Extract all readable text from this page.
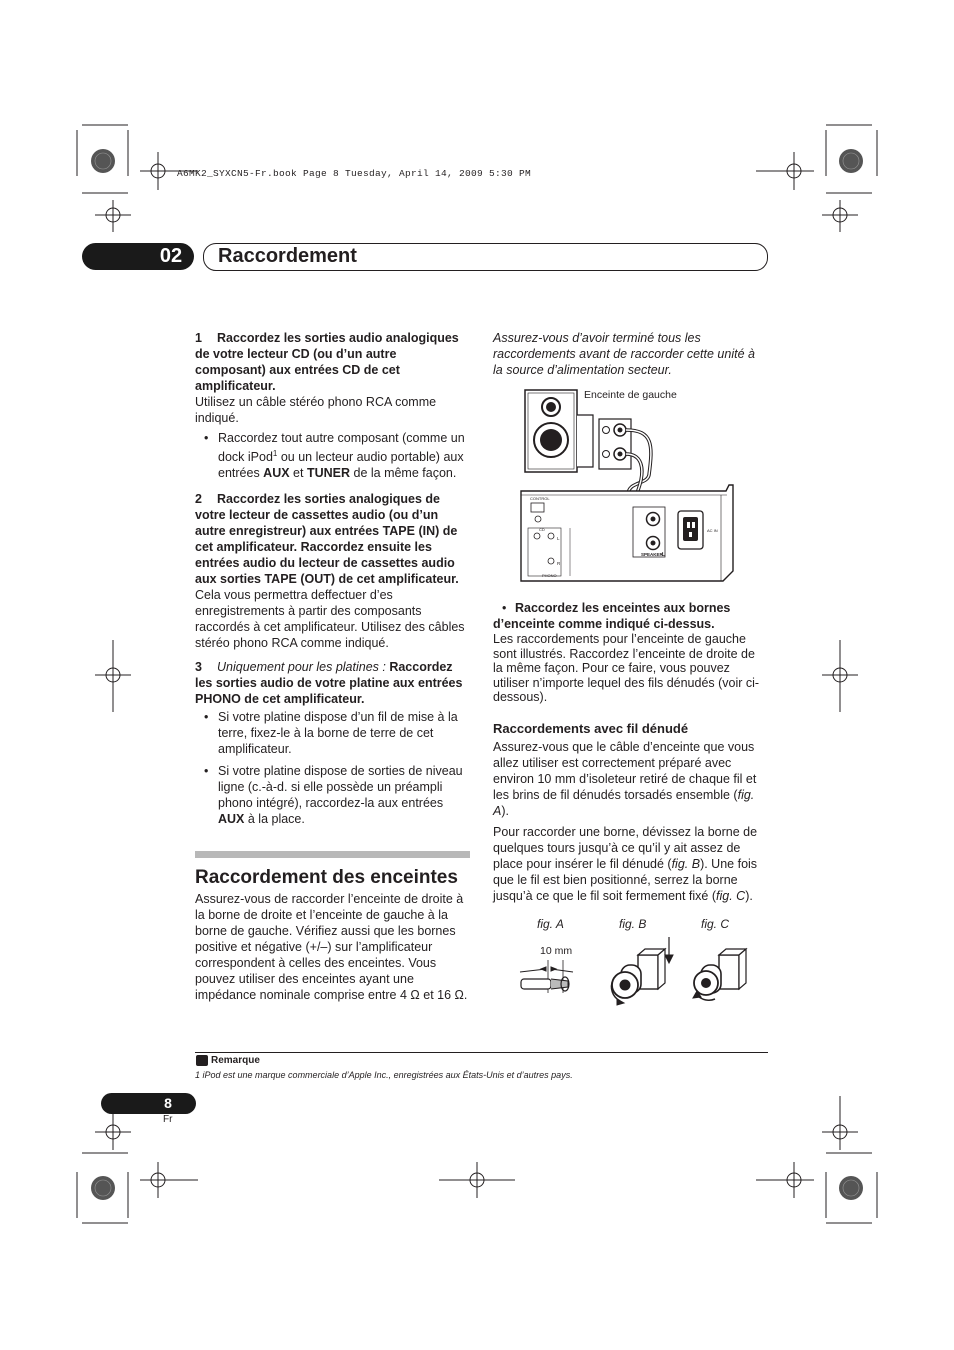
A6MK2_SYXCN5-Fr.book Page 8 Tuesday, April 14, 2009 5:30 PM
02	Raccordement

1 Raccordez les sorties audio analogiques de votre lecteur CD (ou d’un autre composant) aux entrées CD de cet amplificateur.

Utilisez un câble stéréo phono RCA comme indiqué.

• Raccordez tout autre composant (comme un dock iPod$^1$ ou un lecteur audio portable) aux entrées AUX et TUNER de la même façon.

2 Raccordez les sorties analogiques de votre lecteur de cassettes audio (ou d’un autre enregistreur) aux entrées TAPE (IN) de cet amplificateur. Raccordez ensuite les entrées audio du lecteur de cassettes audio aux sorties TAPE (OUT) de cet amplificateur.

Cela vous permettra deffectuer d’es enregistrements à partir des composants raccordés à cet amplificateur. Utilisez des câbles stéréo phono RCA comme indiqué.

3 Uniquement pour les platines : Raccordez les sorties audio de votre platine aux entrées PHONO de cet amplificateur.

• Si votre platine dispose d’un fil de mise à la terre, fixez-le à la borne de terre de cet amplificateur.
• Si votre platine dispose de sorties de niveau ligne (c.-à-d. si elle possède un préampli phono intégré), raccordez-la aux entrées AUX à la place.
Raccordement des enceintes

Assurez-vous de raccorder l’enceinte de droite à la borne de droite et l’enceinte de gauche à la borne de gauche. Vérifiez aussi que les bornes positive et négative (+/–) sur l’amplificateur correspondent à celles des enceintes. Vous pouvez utiliser des enceintes ayant une impédance nominale comprise entre 4 Ω et 16 Ω.

Assurez-vous d’avoir terminé tous les raccordements avant de raccorder cette unité à la source d’alimentation secteur.

CONTROL
CD
L
R
PHONO
SPEAKER L
AC IN
Enceinte de gauche
• Raccordez les enceintes aux bornes d’enceinte comme indiqué ci-dessus.

Les raccordements pour l’enceinte de gauche sont illustrés. Raccordez l’enceinte de droite de la même façon. Pour ce faire, vous pouvez utiliser n’importe lequel des fils dénudés (voir ci-dessous).

Raccordements avec fil dénudé

Assurez-vous que le câble d’enceinte que vous allez utiliser est correctement préparé avec environ 10 mm d’isoleteur retiré de chaque fil et les brins de fil dénudés torsadés ensemble (fig. A).

Pour raccorder une borne, dévissez la borne de quelques tours jusqu’à ce qu’il y ait assez de place pour insérer le fil dénudé (fig. B). Une fois que le fil est bien positionné, serrez la borne jusqu’à ce que le fil soit fermement fixé (fig. C).

fig. A	fig. B	fig. C
10 mm
Remarque
1 iPod est une marque commerciale d’Apple Inc., enregistrées aux États-Unis et d’autres pays.
8
Fr
